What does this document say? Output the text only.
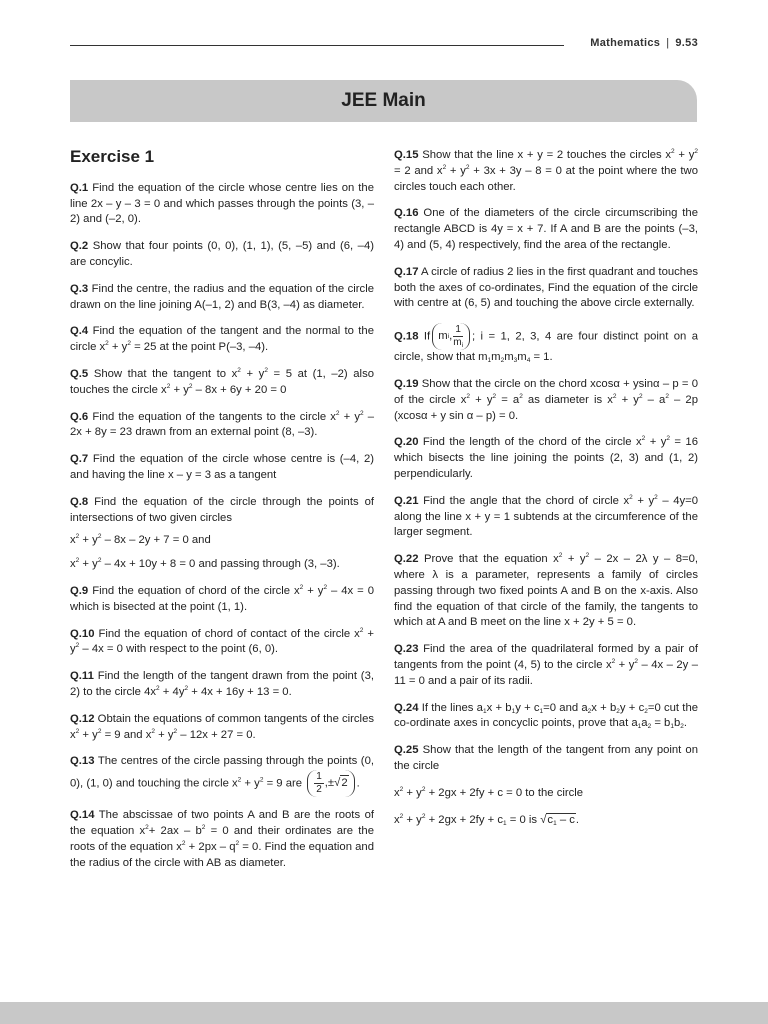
Mathematics | 9.53
JEE Main
Exercise 1

Q.1 Find the equation of the circle whose centre lies on the line 2x – y – 3 = 0 and which passes through the points (3, –2) and (–2, 0).

Q.2 Show that four points (0, 0), (1, 1), (5, –5) and (6, –4) are concylic.

Q.3 Find the centre, the radius and the equation of the circle drawn on the line joining A(–1, 2) and B(3, –4) as diameter.

Q.4 Find the equation of the tangent and the normal to the circle $x^2 + y^2 = 25$ at the point P(–3, –4).

Q.5 Show that the tangent to $x^2 + y^2 = 5$ at (1, –2) also touches the circle $x^2 + y^2 - 8x + 6y + 20 = 0$

Q.6 Find the equation of the tangents to the circle $x^2 + y^2 - 2x + 8y = 23$ drawn from an external point (8, –3).

Q.7 Find the equation of the circle whose centre is (–4, 2) and having the line x – y = 3 as a tangent

Q.8 Find the equation of the circle through the points of intersections of two given circles

$x^2 + y^2 - 8x - 2y + 7 = 0$ and

$x^2 + y^2 - 4x + 10y + 8 = 0$ and passing through (3, –3).

Q.9 Find the equation of chord of the circle $x^2 + y^2 - 4x = 0$ which is bisected at the point (1, 1).

Q.10 Find the equation of chord of contact of the circle $x^2 + y^2 - 4x = 0$ with respect to the point (6, 0).

Q.11 Find the length of the tangent drawn from the point (3, 2) to the circle $4x^2 + 4y^2 + 4x + 16y + 13 = 0$.

Q.12 Obtain the equations of common tangents of the circles $x^2 + y^2 = 9$ and $x^2 + y^2 - 12x + 27 = 0$.

Q.13 The centres of the circle passing through the points (0, 0), (1, 0) and touching the circle $x^2 + y^2 = 9$ are $\frac{1}{2}$ ,± √ 2 .

Q.14 The abscissae of two points A and B are the roots of the equation $x^2+ 2ax - b^2 = 0$ and their ordinates are the roots of the equation $x^2 + 2px - q^2 = 0$. Find the equation and the radius of the circle with AB as diameter.

Q.15 Show that the line x + y = 2 touches the circles $x^2 + y^2 = 2$ and $x^2 + y^2 + 3x + 3y - 8 = 0$ at the point where the two circles touch each other.

Q.16 One of the diameters of the circle circumscribing the rectangle ABCD is 4y = x + 7. If A and B are the points (–3, 4) and (5, 4) respectively, find the area of the rectangle.

Q.17 A circle of radius 2 lies in the first quadrant and touches both the axes of co-ordinates, Find the equation of the circle with centre at (6, 5) and touching the above circle externally.

Q.18 If m i , $\frac{1}{m_i}$ ; i = 1, 2, 3, 4 are four distinct point on a circle, show that $m_1m_2m_3m_4 = 1$.

Q.19 Show that the circle on the chord xcosα + ysinα – p = 0 of the circle $x^2 + y^2 = a^2$ as diameter is $x^2 + y^2 - a^2 - 2p$ (xcosα + y sin α – p) = 0.

Q.20 Find the length of the chord of the circle $x^2 + y^2 = 16$ which bisects the line joining the points (2, 3) and (1, 2) perpendicularly.

Q.21 Find the angle that the chord of circle $x^2 + y^2 - 4y=0$ along the line x + y = 1 subtends at the circumference of the larger segment.

Q.22 Prove that the equation $x^2 + y^2 - 2x - 2\lambda$ y – 8=0, where λ is a parameter, represents a family of circles passing through two fixed points A and B on the x-axis. Also find the equation of that circle of the family, the tangents to which at A and B meet on the line x + 2y + 5 = 0.

Q.23 Find the area of the quadrilateral formed by a pair of tangents from the point (4, 5) to the circle $x^2 + y^2 - 4x - 2y - 11 = 0$ and a pair of its radii.

Q.24 If the lines $a_1x + b_1y + c_1=0$ and $a_2x + b_2y + c_2=0$ cut the co-ordinate axes in concyclic points, prove that $a_1a_2 = b_1b_2$.

Q.25 Show that the length of the tangent from any point on the circle

$x^2 + y^2 + 2gx + 2fy + c = 0$ to the circle

$x^2 + y^2 + 2gx + 2fy + c_1 = 0$ is $√c_1$ – c.
